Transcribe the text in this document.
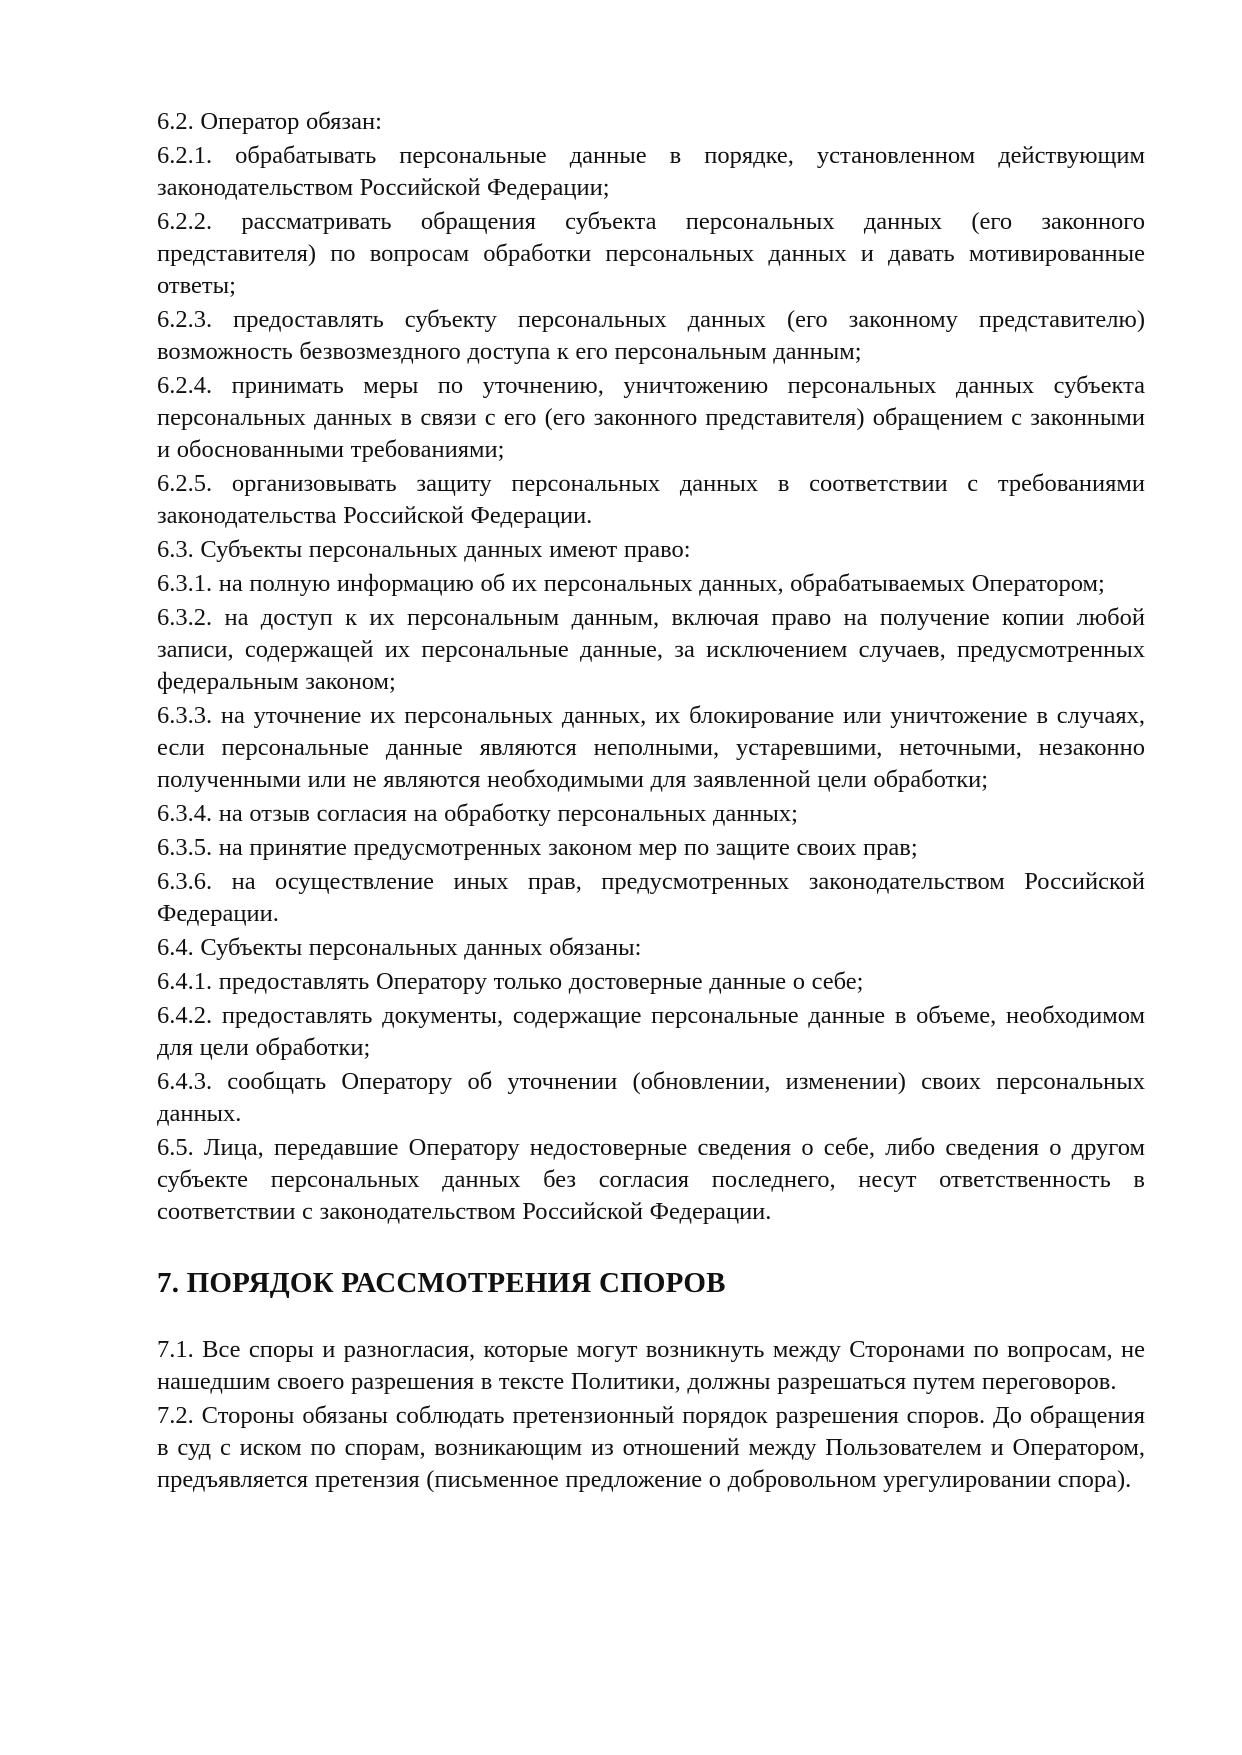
6.2. Оператор обязан:

6.2.1. обрабатывать персональные данные в порядке, установленном действующим законодательством Российской Федерации;

6.2.2. рассматривать обращения субъекта персональных данных (его законного представителя) по вопросам обработки персональных данных и давать мотивированные ответы;

6.2.3. предоставлять субъекту персональных данных (его законному представителю) возможность безвозмездного доступа к его персональным данным;

6.2.4. принимать меры по уточнению, уничтожению персональных данных субъекта персональных данных в связи с его (его законного представителя) обращением с законными и обоснованными требованиями;

6.2.5. организовывать защиту персональных данных в соответствии с требованиями законодательства Российской Федерации.

6.3. Субъекты персональных данных имеют право:

6.3.1. на полную информацию об их персональных данных, обрабатываемых Оператором;

6.3.2. на доступ к их персональным данным, включая право на получение копии любой записи, содержащей их персональные данные, за исключением случаев, предусмотренных федеральным законом;

6.3.3. на уточнение их персональных данных, их блокирование или уничтожение в случаях, если персональные данные являются неполными, устаревшими, неточными, незаконно полученными или не являются необходимыми для заявленной цели обработки;

6.3.4. на отзыв согласия на обработку персональных данных;

6.3.5. на принятие предусмотренных законом мер по защите своих прав;

6.3.6. на осуществление иных прав, предусмотренных законодательством Российской Федерации.

6.4. Субъекты персональных данных обязаны:

6.4.1. предоставлять Оператору только достоверные данные о себе;

6.4.2. предоставлять документы, содержащие персональные данные в объеме, необходимом для цели обработки;

6.4.3. сообщать Оператору об уточнении (обновлении, изменении) своих персональных данных.

6.5. Лица, передавшие Оператору недостоверные сведения о себе, либо сведения о другом субъекте персональных данных без согласия последнего, несут ответственность в соответствии с законодательством Российской Федерации.

7. ПОРЯДОК РАССМОТРЕНИЯ СПОРОВ

7.1. Все споры и разногласия, которые могут возникнуть между Сторонами по вопросам, не нашедшим своего разрешения в тексте Политики, должны разрешаться путем переговоров.

7.2. Стороны обязаны соблюдать претензионный порядок разрешения споров. До обращения в суд с иском по спорам, возникающим из отношений между Пользователем и Оператором, предъявляется претензия (письменное предложение о добровольном урегулировании спора).
